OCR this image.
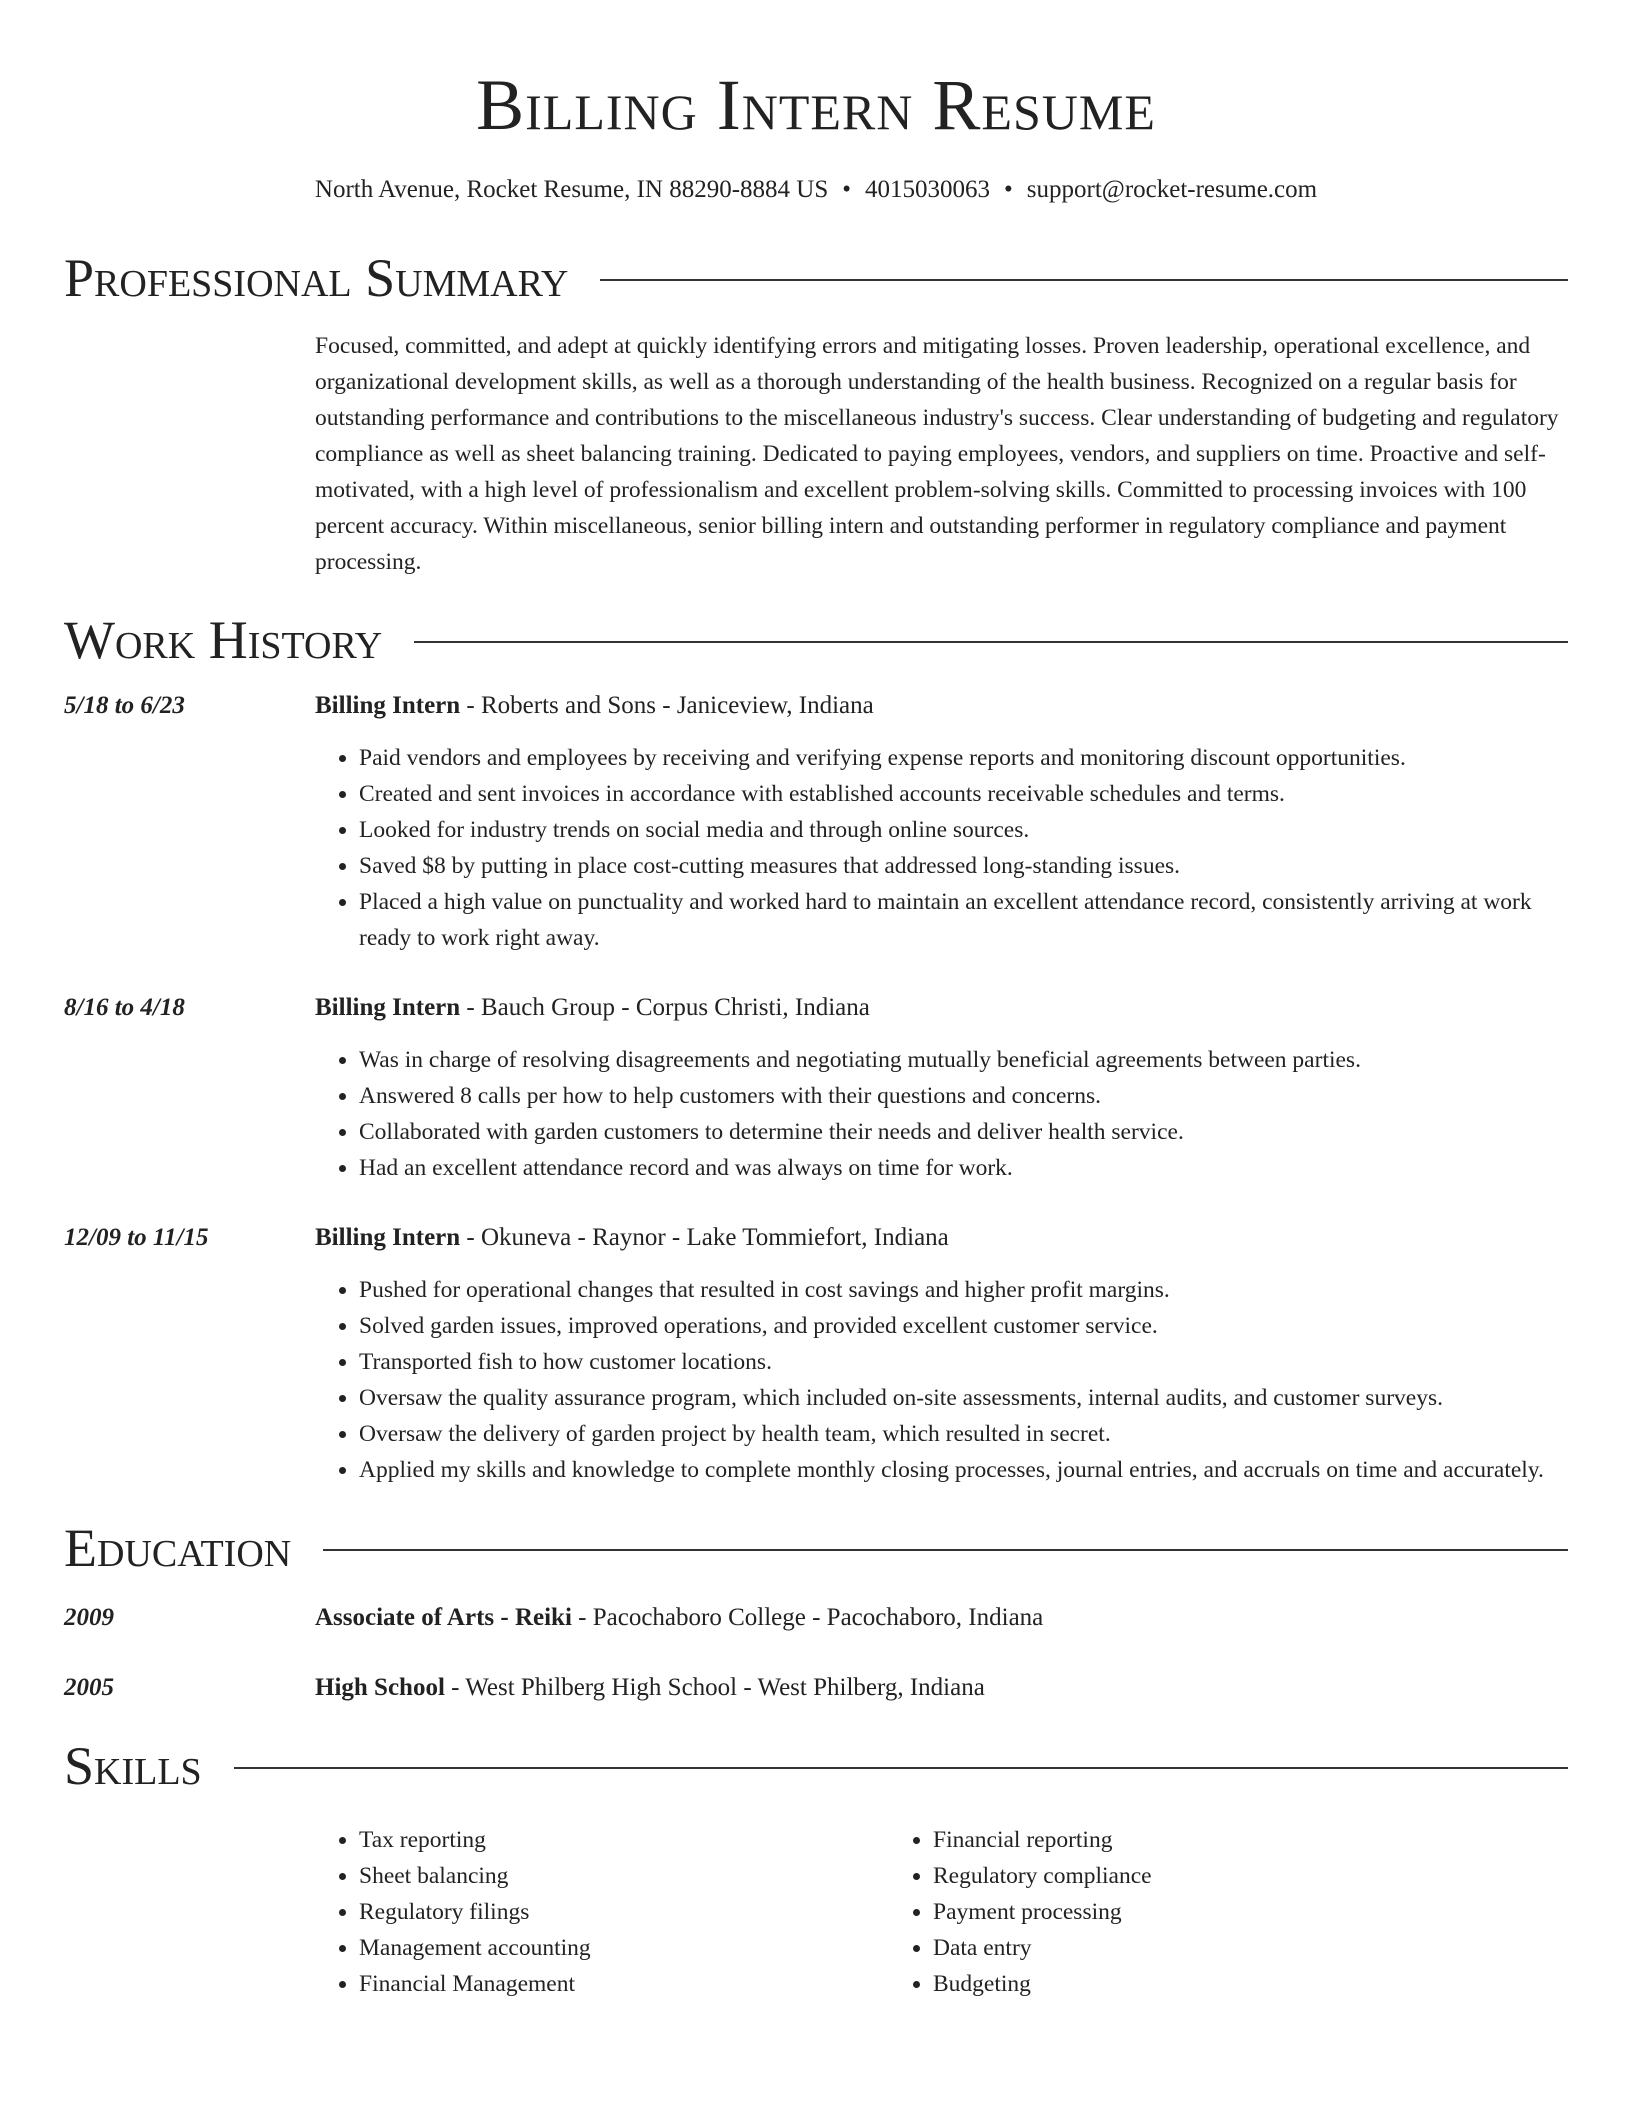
Billing Intern Resume
North Avenue, Rocket Resume, IN 88290-8884 US • 4015030063 • support@rocket-resume.com
Professional Summary
Focused, committed, and adept at quickly identifying errors and mitigating losses. Proven leadership, operational excellence, and organizational development skills, as well as a thorough understanding of the health business. Recognized on a regular basis for outstanding performance and contributions to the miscellaneous industry's success. Clear understanding of budgeting and regulatory compliance as well as sheet balancing training. Dedicated to paying employees, vendors, and suppliers on time. Proactive and self-motivated, with a high level of professionalism and excellent problem-solving skills. Committed to processing invoices with 100 percent accuracy. Within miscellaneous, senior billing intern and outstanding performer in regulatory compliance and payment processing.
Work History
5/18 to 6/23	Billing Intern - Roberts and Sons - Janiceview, Indiana
• Paid vendors and employees by receiving and verifying expense reports and monitoring discount opportunities.
• Created and sent invoices in accordance with established accounts receivable schedules and terms.
• Looked for industry trends on social media and through online sources.
• Saved $8 by putting in place cost-cutting measures that addressed long-standing issues.
• Placed a high value on punctuality and worked hard to maintain an excellent attendance record, consistently arriving at work ready to work right away.
8/16 to 4/18	Billing Intern - Bauch Group - Corpus Christi, Indiana
• Was in charge of resolving disagreements and negotiating mutually beneficial agreements between parties.
• Answered 8 calls per how to help customers with their questions and concerns.
• Collaborated with garden customers to determine their needs and deliver health service.
• Had an excellent attendance record and was always on time for work.
12/09 to 11/15	Billing Intern - Okuneva - Raynor - Lake Tommiefort, Indiana
• Pushed for operational changes that resulted in cost savings and higher profit margins.
• Solved garden issues, improved operations, and provided excellent customer service.
• Transported fish to how customer locations.
• Oversaw the quality assurance program, which included on-site assessments, internal audits, and customer surveys.
• Oversaw the delivery of garden project by health team, which resulted in secret.
• Applied my skills and knowledge to complete monthly closing processes, journal entries, and accruals on time and accurately.
Education
2009	Associate of Arts - Reiki - Pacochaboro College - Pacochaboro, Indiana
2005	High School - West Philberg High School - West Philberg, Indiana
Skills
• Tax reporting
• Sheet balancing
• Regulatory filings
• Management accounting
• Financial Management
• Financial reporting
• Regulatory compliance
• Payment processing
• Data entry
• Budgeting
